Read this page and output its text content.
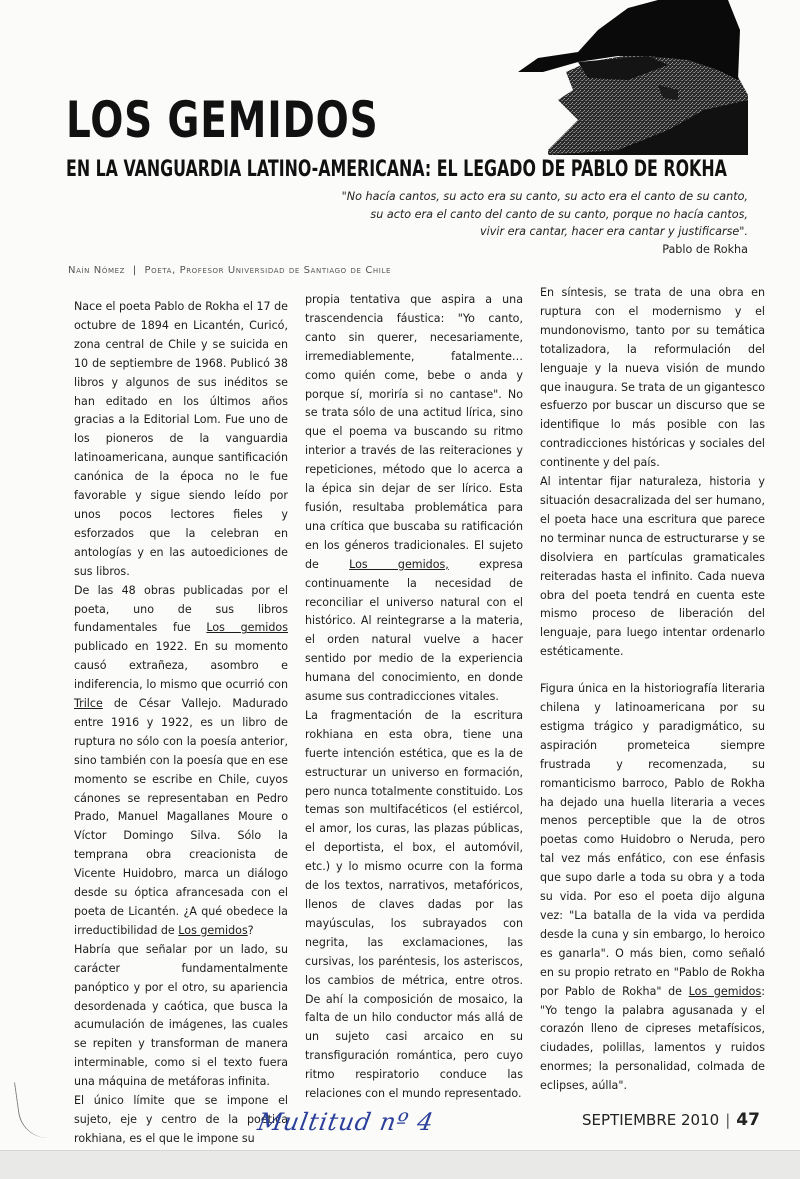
LOS GEMIDOS
EN LA VANGUARDIA LATINO-AMERICANA: EL LEGADO DE PABLO DE ROKHA
"No hacía cantos, su acto era su canto, su acto era el canto de su canto,
su acto era el canto del canto de su canto, porque no hacía cantos,
vivir era cantar, hacer era cantar y justificarse".
Pablo de Rokha
Naín Nómez | Poeta, Profesor Universidad de Santiago de Chile

Nace el poeta Pablo de Rokha el 17 de octubre de 1894 en Licantén, Curicó, zona central de Chile y se suicida en 10 de septiembre de 1968. Publicó 38 libros y algunos de sus inéditos se han editado en los últimos años gracias a la Editorial Lom. Fue uno de los pioneros de la vanguardia latinoamericana, aunque santificación canónica de la época no le fue favorable y sigue siendo leído por unos pocos lectores fieles y esforzados que la celebran en antologías y en las autoediciones de sus libros.

De las 48 obras publicadas por el poeta, uno de sus libros fundamentales fue Los gemidos publicado en 1922. En su momento causó extrañeza, asombro e indiferencia, lo mismo que ocurrió con Trilce de César Vallejo. Madurado entre 1916 y 1922, es un libro de ruptura no sólo con la poesía anterior, sino también con la poesía que en ese momento se escribe en Chile, cuyos cánones se representaban en Pedro Prado, Manuel Magallanes Moure o Víctor Domingo Silva. Sólo la temprana obra creacionista de Vicente Huidobro, marca un diálogo desde su óptica afrancesada con el poeta de Licantén. ¿A qué obedece la irreductibilidad de Los gemidos?

Habría que señalar por un lado, su carácter fundamentalmente panóptico y por el otro, su apariencia desordenada y caótica, que busca la acumulación de imágenes, las cuales se repiten y transforman de manera interminable, como si el texto fuera una máquina de metáforas infinita.

El único límite que se impone el sujeto, eje y centro de la poética rokhiana, es el que le impone su

propia tentativa que aspira a una trascendencia fáustica: "Yo canto, canto sin querer, necesariamente, irremediablemente, fatalmente… como quién come, bebe o anda y porque sí, moriría si no cantase". No se trata sólo de una actitud lírica, sino que el poema va buscando su ritmo interior a través de las reiteraciones y repeticiones, método que lo acerca a la épica sin dejar de ser lírico. Esta fusión, resultaba problemática para una crítica que buscaba su ratificación en los géneros tradicionales. El sujeto de Los gemidos, expresa continuamente la necesidad de reconciliar el universo natural con el histórico. Al reintegrarse a la materia, el orden natural vuelve a hacer sentido por medio de la experiencia humana del conocimiento, en donde asume sus contradicciones vitales.

La fragmentación de la escritura rokhiana en esta obra, tiene una fuerte intención estética, que es la de estructurar un universo en formación, pero nunca totalmente constituido. Los temas son multifacéticos (el estiércol, el amor, los curas, las plazas públicas, el deportista, el box, el automóvil, etc.) y lo mismo ocurre con la forma de los textos, narrativos, metafóricos, llenos de claves dadas por las mayúsculas, los subrayados con negrita, las exclamaciones, las cursivas, los paréntesis, los asteriscos, los cambios de métrica, entre otros. De ahí la composición de mosaico, la falta de un hilo conductor más allá de un sujeto casi arcaico en su transfiguración romántica, pero cuyo ritmo respiratorio conduce las relaciones con el mundo representado.

En síntesis, se trata de una obra en ruptura con el modernismo y el mundonovismo, tanto por su temática totalizadora, la reformulación del lenguaje y la nueva visión de mundo que inaugura. Se trata de un gigantesco esfuerzo por buscar un discurso que se identifique lo más posible con las contradicciones históricas y sociales del continente y del país.

Al intentar fijar naturaleza, historia y situación desacralizada del ser humano, el poeta hace una escritura que parece no terminar nunca de estructurarse y se disolviera en partículas gramaticales reiteradas hasta el infinito. Cada nueva obra del poeta tendrá en cuenta este mismo proceso de liberación del lenguaje, para luego intentar ordenarlo estéticamente.

Figura única en la historiografía literaria chilena y latinoamericana por su estigma trágico y paradigmático, su aspiración prometeica siempre frustrada y recomenzada, su romanticismo barroco, Pablo de Rokha ha dejado una huella literaria a veces menos perceptible que la de otros poetas como Huidobro o Neruda, pero tal vez más enfático, con ese énfasis que supo darle a toda su obra y a toda su vida. Por eso el poeta dijo alguna vez: "La batalla de la vida va perdida desde la cuna y sin embargo, lo heroico es ganarla". O más bien, como señaló en su propio retrato en "Pablo de Rokha por Pablo de Rokha" de Los gemidos: "Yo tengo la palabra agusanada y el corazón lleno de cipreses metafísicos, ciudades, polillas, lamentos y ruidos enormes; la personalidad, colmada de eclipses, aúlla".

Multitud nº 4	SEPTIEMBRE 2010 | 47
